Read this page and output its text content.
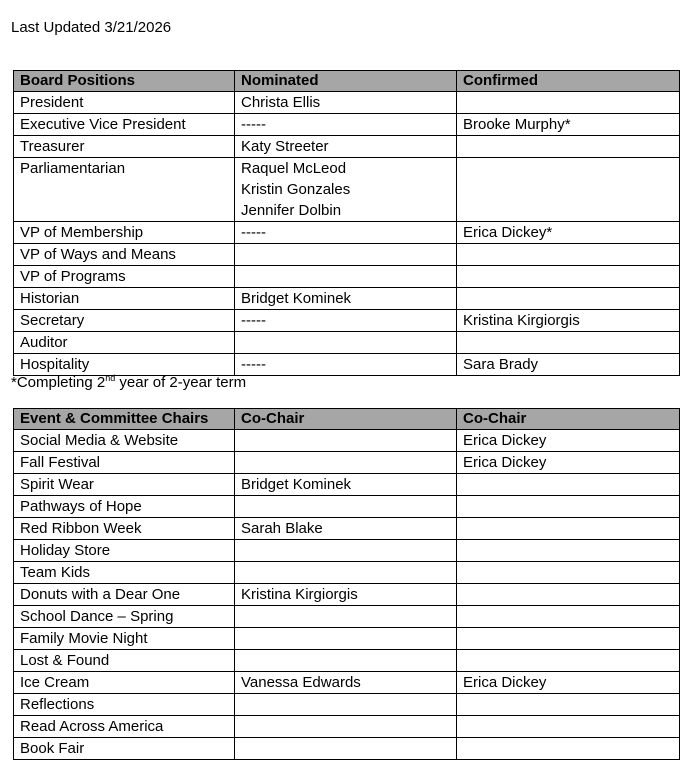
Last Updated 3/21/2026
Board Positions	Nominated	Confirmed
President	Christa Ellis	
Executive Vice President	-----	Brooke Murphy*
Treasurer	Katy Streeter	
Parliamentarian	Raquel McLeod
Kristin Gonzales
Jennifer Dolbin	

VP of Membership	-----	Erica Dickey*
VP of Ways and Means		
VP of Programs		
Historian	Bridget Kominek	
Secretary	-----	Kristina Kirgiorgis
Auditor		
Hospitality	-----	Sara Brady
*Completing 2nd year of 2-year term
Event & Committee Chairs	Co-Chair	Co-Chair
Social Media & Website		Erica Dickey
Fall Festival		Erica Dickey
Spirit Wear	Bridget Kominek	
Pathways of Hope		
Red Ribbon Week	Sarah Blake	
Holiday Store		
Team Kids		
Donuts with a Dear One	Kristina Kirgiorgis	
School Dance – Spring		
Family Movie Night		
Lost & Found		
Ice Cream	Vanessa Edwards	Erica Dickey
Reflections		
Read Across America		
Book Fair		
